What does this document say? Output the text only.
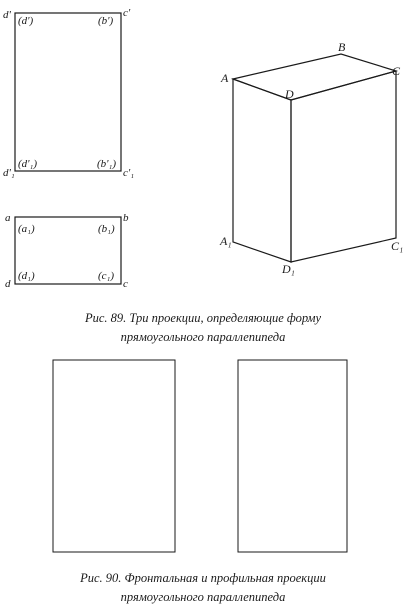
d' (d')	(b')
c'
d'₁
(d'₁)	(b'₁)
c'₁
a
(a₁)	(b₁)
b
d
(d₁)	(c₁)
c
A
B
C
D
A₁	C₁
D₁
Рис. 89. Три проекции, определяющие форму
прямоугольного параллепипеда
Рис. 90. Фронтальная и профильная проекции
прямоугольного параллепипеда
